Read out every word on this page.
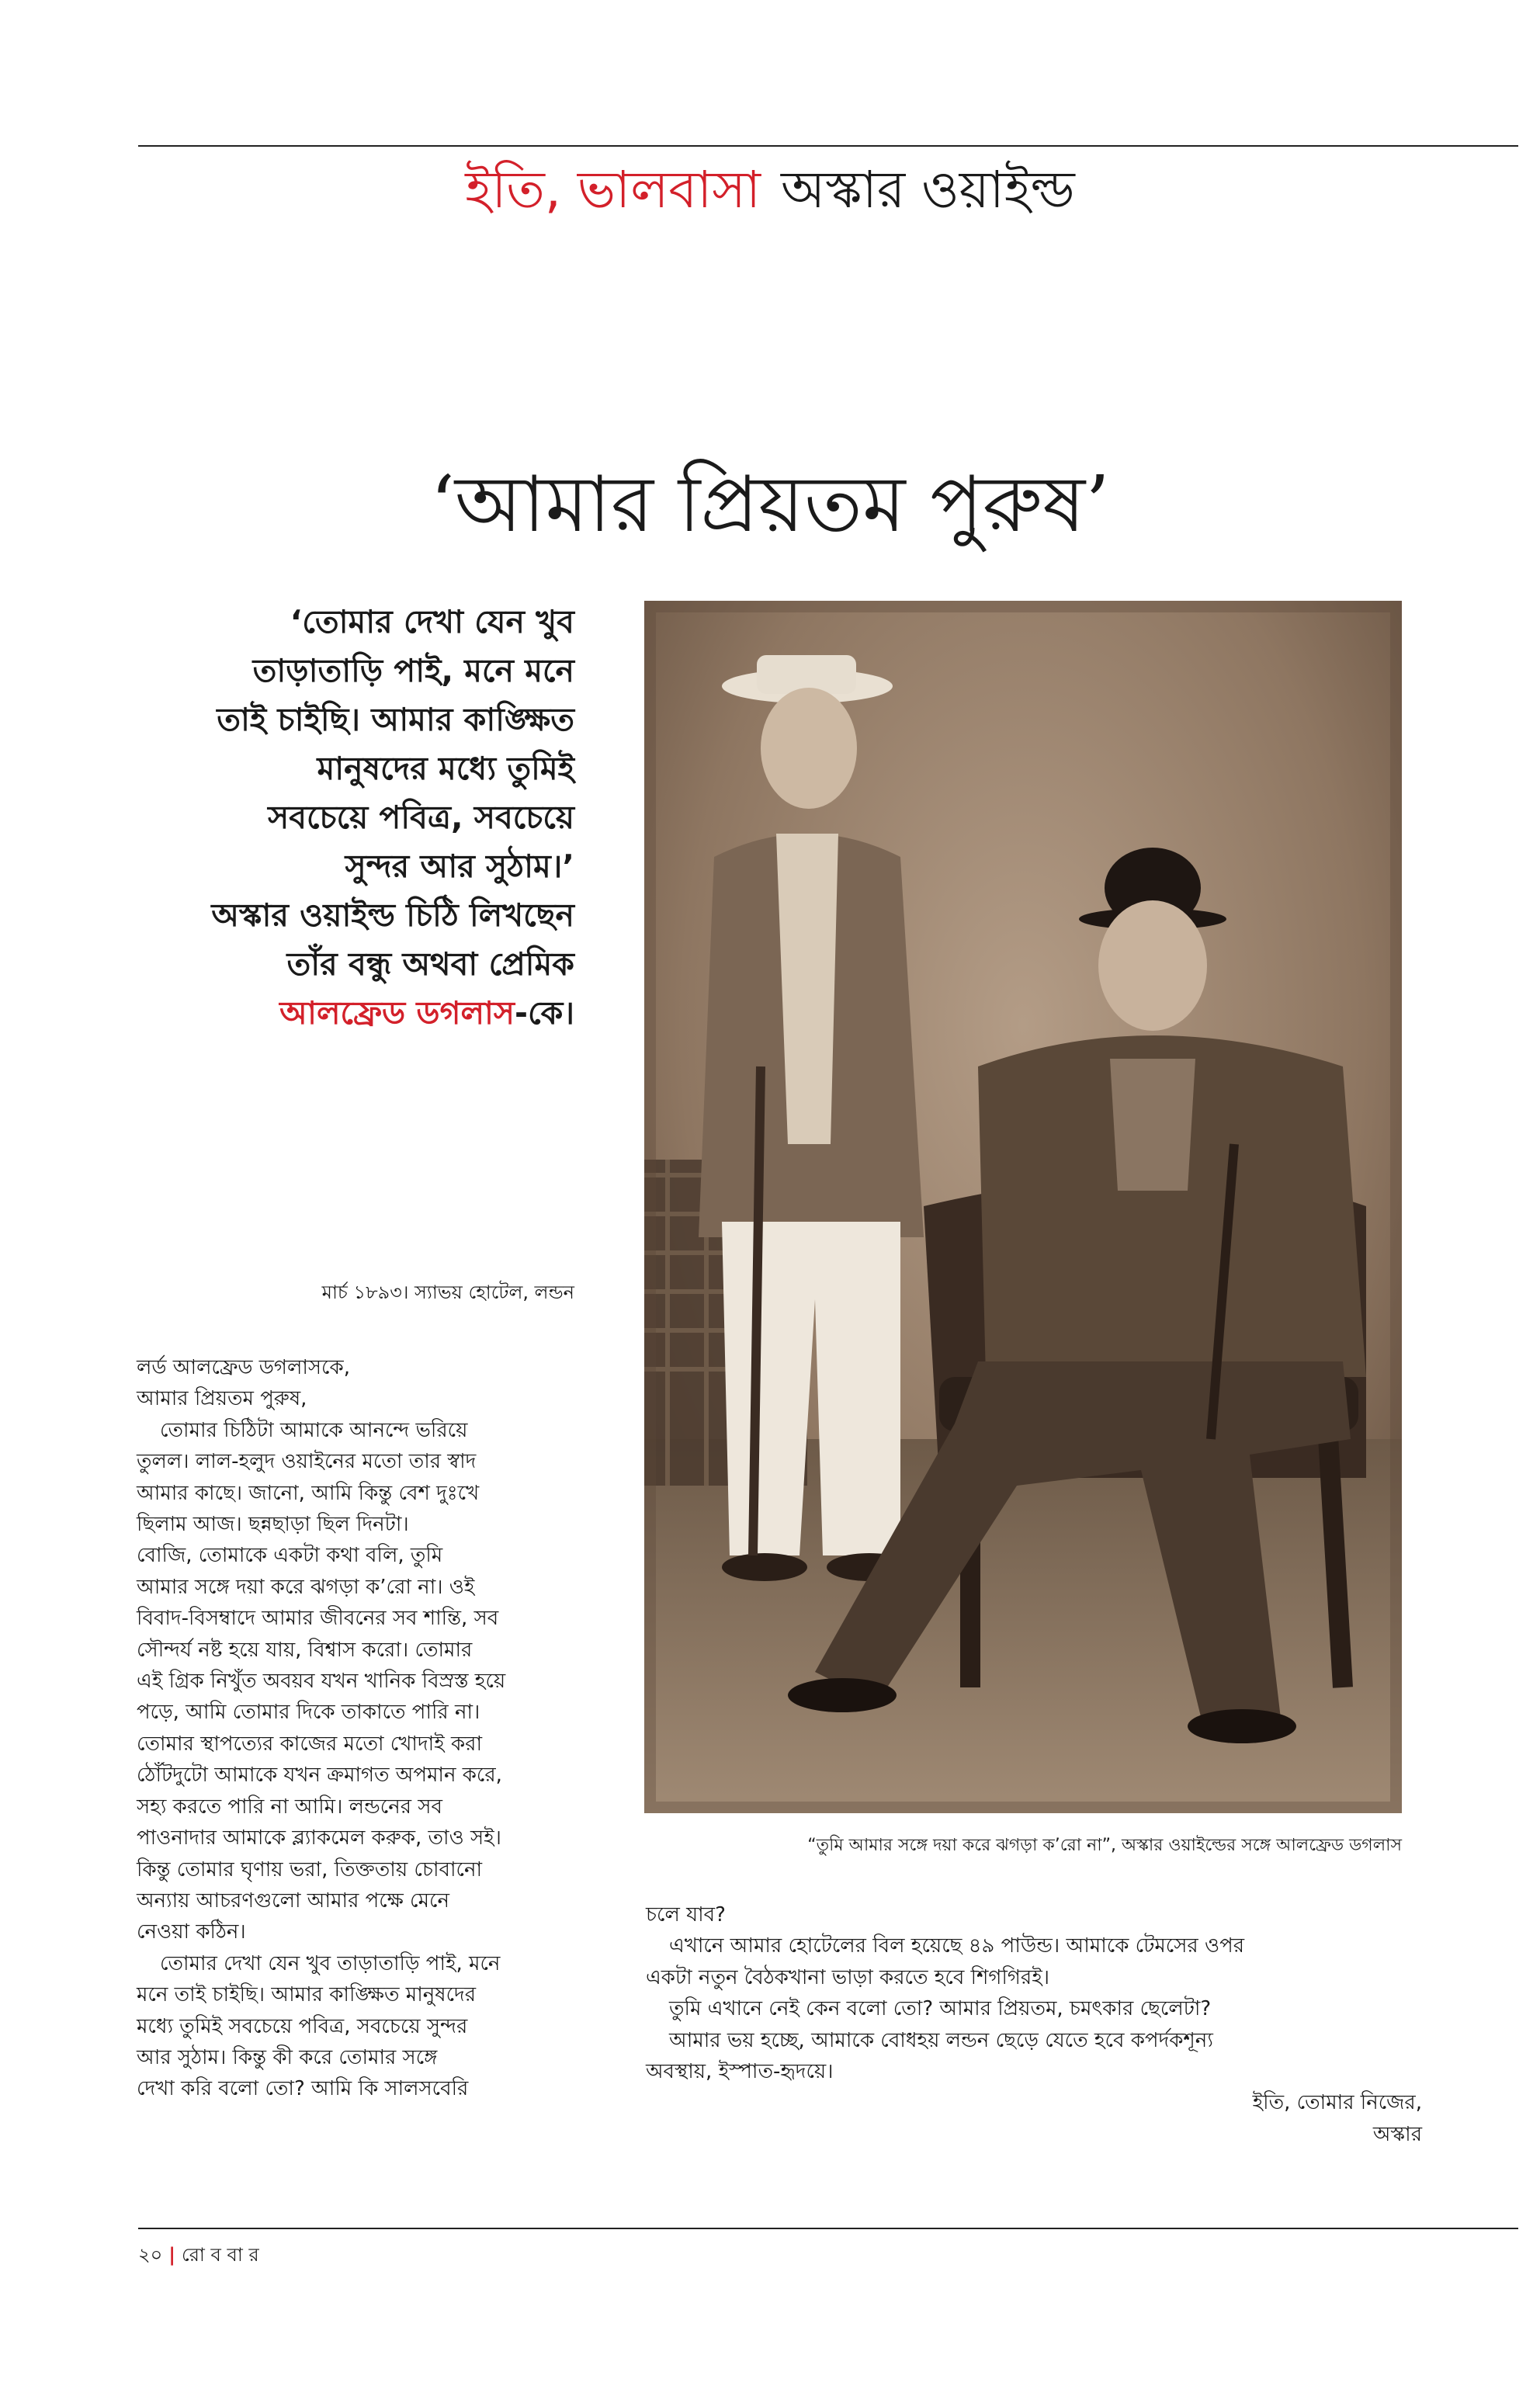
ইতি, ভালবাসা অস্কার ওয়াইল্ড
‘আমার প্রিয়তম পুরুষ’
‘তোমার দেখা যেন খুব
তাড়াতাড়ি পাই, মনে মনে
তাই চাইছি। আমার কাঙ্ক্ষিত
মানুষদের মধ্যে তুমিই
সবচেয়ে পবিত্র, সবচেয়ে
সুন্দর আর সুঠাম।’
অস্কার ওয়াইল্ড চিঠি লিখছেন
তাঁর বন্ধু অথবা প্রেমিক
আলফ্রেড ডগলাস-কে।
মার্চ ১৮৯৩। স্যাভয় হোটেল, লন্ডন

লর্ড আলফ্রেড ডগলাসকে,

আমার প্রিয়তম পুরুষ,

তোমার চিঠিটা আমাকে আনন্দে ভরিয়ে

তুলল। লাল-হলুদ ওয়াইনের মতো তার স্বাদ

আমার কাছে। জানো, আমি কিন্তু বেশ দুঃখে

ছিলাম আজ। ছন্নছাড়া ছিল দিনটা।

বোজি, তোমাকে একটা কথা বলি, তুমি

আমার সঙ্গে দয়া করে ঝগড়া ক’রো না। ওই

বিবাদ-বিসম্বাদে আমার জীবনের সব শান্তি, সব

সৌন্দর্য নষ্ট হয়ে যায়, বিশ্বাস করো। তোমার

এই গ্রিক নিখুঁত অবয়ব যখন খানিক বিস্রস্ত হয়ে

পড়ে, আমি তোমার দিকে তাকাতে পারি না।

তোমার স্থাপত্যের কাজের মতো খোদাই করা

ঠোঁটদুটো আমাকে যখন ক্রমাগত অপমান করে,

সহ্য করতে পারি না আমি। লন্ডনের সব

পাওনাদার আমাকে ব্ল্যাকমেল করুক, তাও সই।

কিন্তু তোমার ঘৃণায় ভরা, তিক্ততায় চোবানো

অন্যায় আচরণগুলো আমার পক্ষে মেনে

নেওয়া কঠিন।

তোমার দেখা যেন খুব তাড়াতাড়ি পাই, মনে

মনে তাই চাইছি। আমার কাঙ্ক্ষিত মানুষদের

মধ্যে তুমিই সবচেয়ে পবিত্র, সবচেয়ে সুন্দর

আর সুঠাম। কিন্তু কী করে তোমার সঙ্গে

দেখা করি বলো তো? আমি কি সালসবেরি

“তুমি আমার সঙ্গে দয়া করে ঝগড়া ক’রো না”, অস্কার ওয়াইল্ডের সঙ্গে আলফ্রেড ডগলাস

চলে যাব?

এখানে আমার হোটেলের বিল হয়েছে ৪৯ পাউন্ড। আমাকে টেমসের ওপর

একটা নতুন বৈঠকখানা ভাড়া করতে হবে শিগগিরই।

তুমি এখানে নেই কেন বলো তো? আমার প্রিয়তম, চমৎকার ছেলেটা?

আমার ভয় হচ্ছে, আমাকে বোধহয় লন্ডন ছেড়ে যেতে হবে কপর্দকশূন্য

অবস্থায়, ইস্পাত-হৃদয়ে।

ইতি, তোমার নিজের,

অস্কার

২০ | রো ব বা র
